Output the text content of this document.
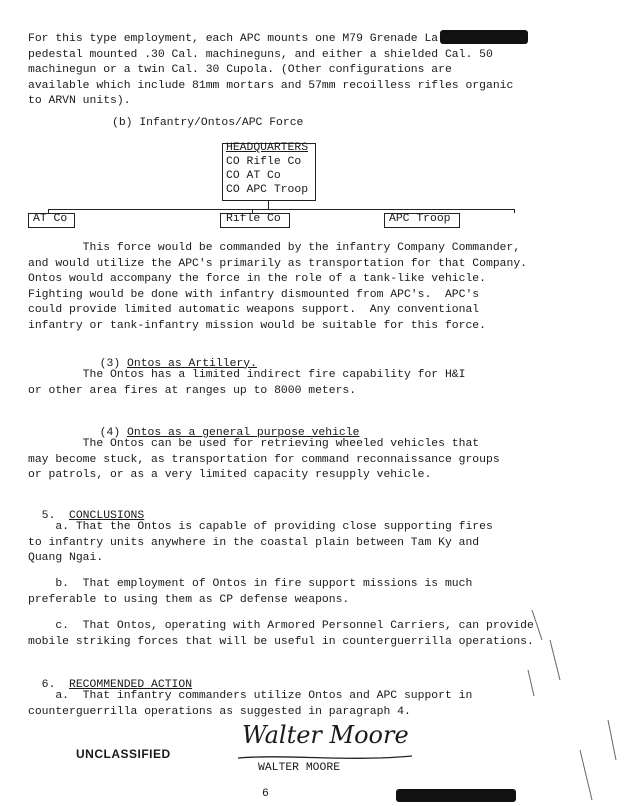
For this type employment, each APC mounts one M79 Grenade La
pedestal mounted .30 Cal. machineguns, and either a shielded Cal. 50
machinegun or a twin Cal. 30 Cupola. (Other configurations are
available which include 81mm mortars and 57mm recoilless rifles organic
to ARVN units).
(b) Infantry/Ontos/APC Force
HEADQUARTERS
CO Rifle Co
CO AT Co
CO APC Troop
AT Co	Rifle Co	APC Troop
This force would be commanded by the infantry Company Commander,
and would utilize the APC's primarily as transportation for that Company.
Ontos would accompany the force in the role of a tank-like vehicle.
Fighting would be done with infantry dismounted from APC's.  APC's
could provide limited automatic weapons support.  Any conventional
infantry or tank-infantry mission would be suitable for this force.

(3) Ontos as Artillery.

The Ontos has a limited indirect fire capability for H&I
or other area fires at ranges up to 8000 meters.

(4) Ontos as a general purpose vehicle

The Ontos can be used for retrieving wheeled vehicles that
may become stuck, as transportation for command reconnaissance groups
or patrols, or as a very limited capacity resupply vehicle.

5. CONCLUSIONS

a. That the Ontos is capable of providing close supporting fires
to infantry units anywhere in the coastal plain between Tam Ky and
Quang Ngai.
b.  That employment of Ontos in fire support missions is much
preferable to using them as CP defense weapons.
c.  That Ontos, operating with Armored Personnel Carriers, can provide
mobile striking forces that will be useful in counterguerrilla operations.

6. RECOMMENDED ACTION

a.  That infantry commanders utilize Ontos and APC support in
counterguerrilla operations as suggested in paragraph 4.
UNCLASSIFIED
Walter Moore
WALTER MOORE
6
